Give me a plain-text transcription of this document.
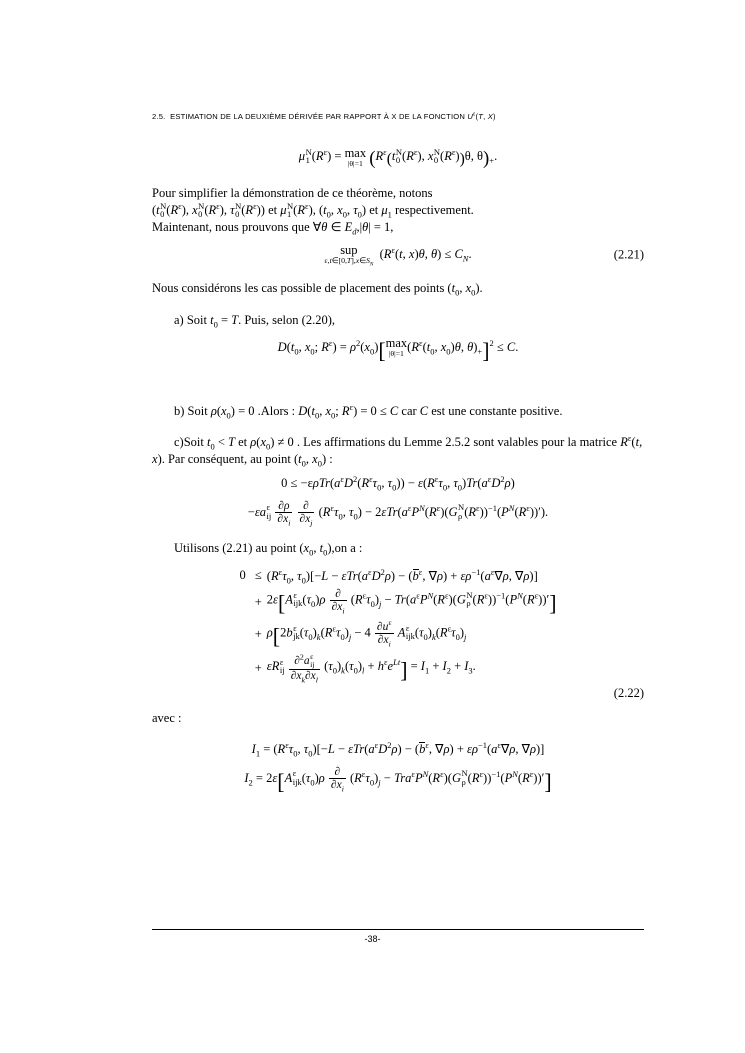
2.5.  ESTIMATION DE LA DEUXIÈME DÉRIVÉE PAR RAPPORT À X DE LA FONCTION $U^\varepsilon(T$, X)
μ N
1 $(R^\varepsilon) = \max$
|θ|=1 ($R^\varepsilon(t$ N
0 $(R^\varepsilon)$, x N
0 $(R^\varepsilon))\theta$, $\theta)_+$.
Pour simplifier la démonstration de ce théorème, notons
(t N
0 $(R^\varepsilon)$, x N
0 $(R^\varepsilon)$, τ N
0 $(R^\varepsilon)$) et μ N
1 $(R^\varepsilon)$, ($t_0$, $x_0$, $\tau_0$) et $\mu_1$ respectivement.
Maintenant, nous prouvons que ∀θ ∈ $E_d,|\theta| = 1$,
sup
$\varepsilon,t\in[0,T],x\in S_N$
($R^\varepsilon(t$, x)θ, $\theta) \le C_N$.	(2.21)
Nous considérons les cas possible de placement des points ($t_0$, $x_0$).
a) Soit $t_0 = T$. Puis, selon (2.20),
$D(t_0$, $x_0$; $R^\varepsilon) = \rho^2(x_0)$[ max
|θ|=1
($R^\varepsilon(t_0$, $x_0)\theta$, $\theta)_+]^2 \le C$.
b) Soit $\rho(x_0) = 0$ .Alors : $D(t_0$, $x_0$; $R^\varepsilon) = 0 \le C$ car C est une constante positive.
c)Soit $t_0 < T$ et $\rho(x_0) \ne 0$ . Les affirmations du Lemme 2.5.2 sont valables pour la matrice $R^\varepsilon(t$, x). Par conséquent, au point ($t_0$, $x_0$) :
$0 \le -\varepsilon\rho Tr(a^\varepsilon D^2(R^\varepsilon\tau_0$, $\tau_0)) - \varepsilon(R^\varepsilon\tau_0$, $\tau_0)Tr(a^\varepsilon D^2\rho)$
−εa ε
ij
$\frac{\partial\rho}{\partial x_i}$
$\frac{\partial}{\partial x_j} (R^\varepsilon\tau_0$, $\tau_0) - 2\varepsilon Tr(a^\varepsilon P^N(R^\varepsilon)(G$ N
ρ $(R^\varepsilon))^{-1}(P^N(R^\varepsilon))'$).
Utilisons (2.21) au point ($x_0$, $t_0),on$ a :
0	≤	($R^\varepsilon\tau_0$, $\tau_0)[-L - \varepsilon Tr(a^\varepsilon D^2\rho) - (b^\varepsilon$, $\nabla\rho) + \varepsilon\rho^{-1}(a^\varepsilon\nabla\rho$, ∇ρ)]
	+	2ε[A ε
ijk $(\tau_0)\rho \frac{\partial}{\partial x_i} (R^\varepsilon\tau_0)_j - Tr(a^\varepsilon P^N(R^\varepsilon)(G$ N
ρ $(R^\varepsilon))^{-1}(P^N(R^\varepsilon))'$]
	+	ρ[2b ε
jk $(\tau_0)_k(R^\varepsilon\tau_0)_j - 4 \frac{\partial u^\varepsilon}{\partial x_i}$ A ε
ijk $(\tau_0)_k(R^\varepsilon\tau_0)_j$
	+	εR ε
ij
∂$^2$a ε
ij
$\partial x_k\partial x_l$ $(\tau_0)_k(\tau_0)_l + h^\varepsilon e^{Lt}] = I_1 + I_2 + I_3$.
(2.22)
avec :
$I_1 = (R^\varepsilon\tau_0$, $\tau_0)[-L - \varepsilon Tr(a^\varepsilon D^2\rho) - (b^\varepsilon$, $\nabla\rho) + \varepsilon\rho^{-1}(a^\varepsilon\nabla\rho$, ∇ρ)]
$I_2 = 2\varepsilon[A$ ε
ijk $(\tau_0)\rho \frac{\partial}{\partial x_i} (R^\varepsilon\tau_0)_j - Tra^\varepsilon P^N(R^\varepsilon)(G$ N
ρ $(R^\varepsilon))^{-1}(P^N(R^\varepsilon))'$]
-38-
